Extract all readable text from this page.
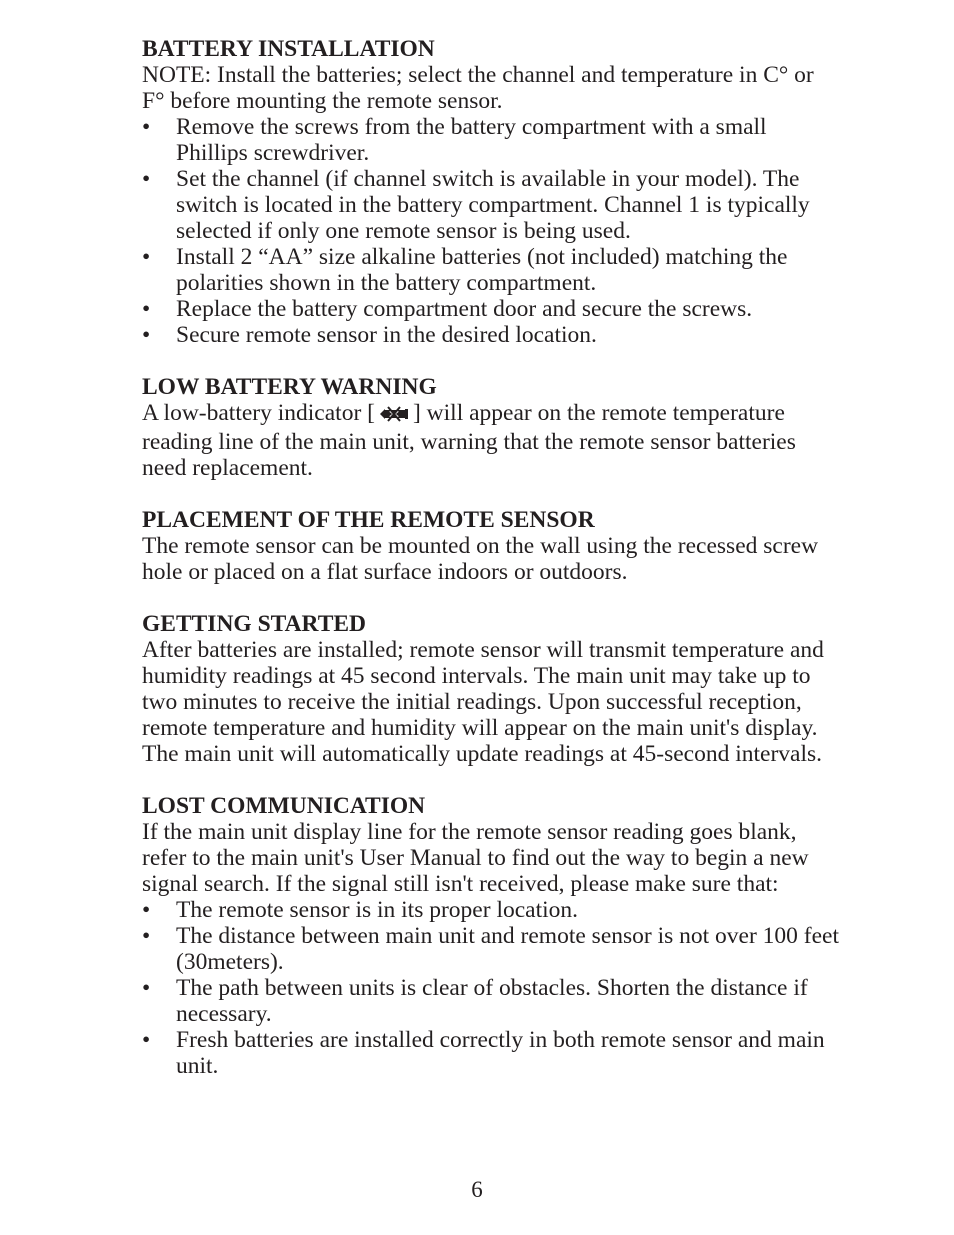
BATTERY INSTALLATION

NOTE: Install the batteries; select the channel and temperature in C° or F° before mounting the remote sensor.

• Remove the screws from the battery compartment with a small Phillips screwdriver.
• Set the channel (if channel switch is available in your model). The switch is located in the battery compartment. Channel 1 is typically selected if only one remote sensor is being used.
• Install 2 “AA” size alkaline batteries (not included) matching the polarities shown in the battery compartment.
• Replace the battery compartment door and secure the screws.
• Secure remote sensor in the desired location.

LOW BATTERY WARNING

A low-battery indicator [ ] will appear on the remote temperature reading line of the main unit, warning that the remote sensor batteries need replacement.

PLACEMENT OF THE REMOTE SENSOR

The remote sensor can be mounted on the wall using the recessed screw hole or placed on a flat surface indoors or outdoors.

GETTING STARTED

After batteries are installed; remote sensor will transmit temperature and humidity readings at 45 second intervals. The main unit may take up to two minutes to receive the initial readings. Upon successful reception, remote temperature and humidity will appear on the main unit's display. The main unit will automatically update readings at 45-second intervals.

LOST COMMUNICATION

If the main unit display line for the remote sensor reading goes blank, refer to the main unit's User Manual to find out the way to begin a new signal search. If the signal still isn't received, please make sure that:

• The remote sensor is in its proper location.
• The distance between main unit and remote sensor is not over 100 feet (30meters).
• The path between units is clear of obstacles. Shorten the distance if necessary.
• Fresh batteries are installed correctly in both remote sensor and main unit.
6
